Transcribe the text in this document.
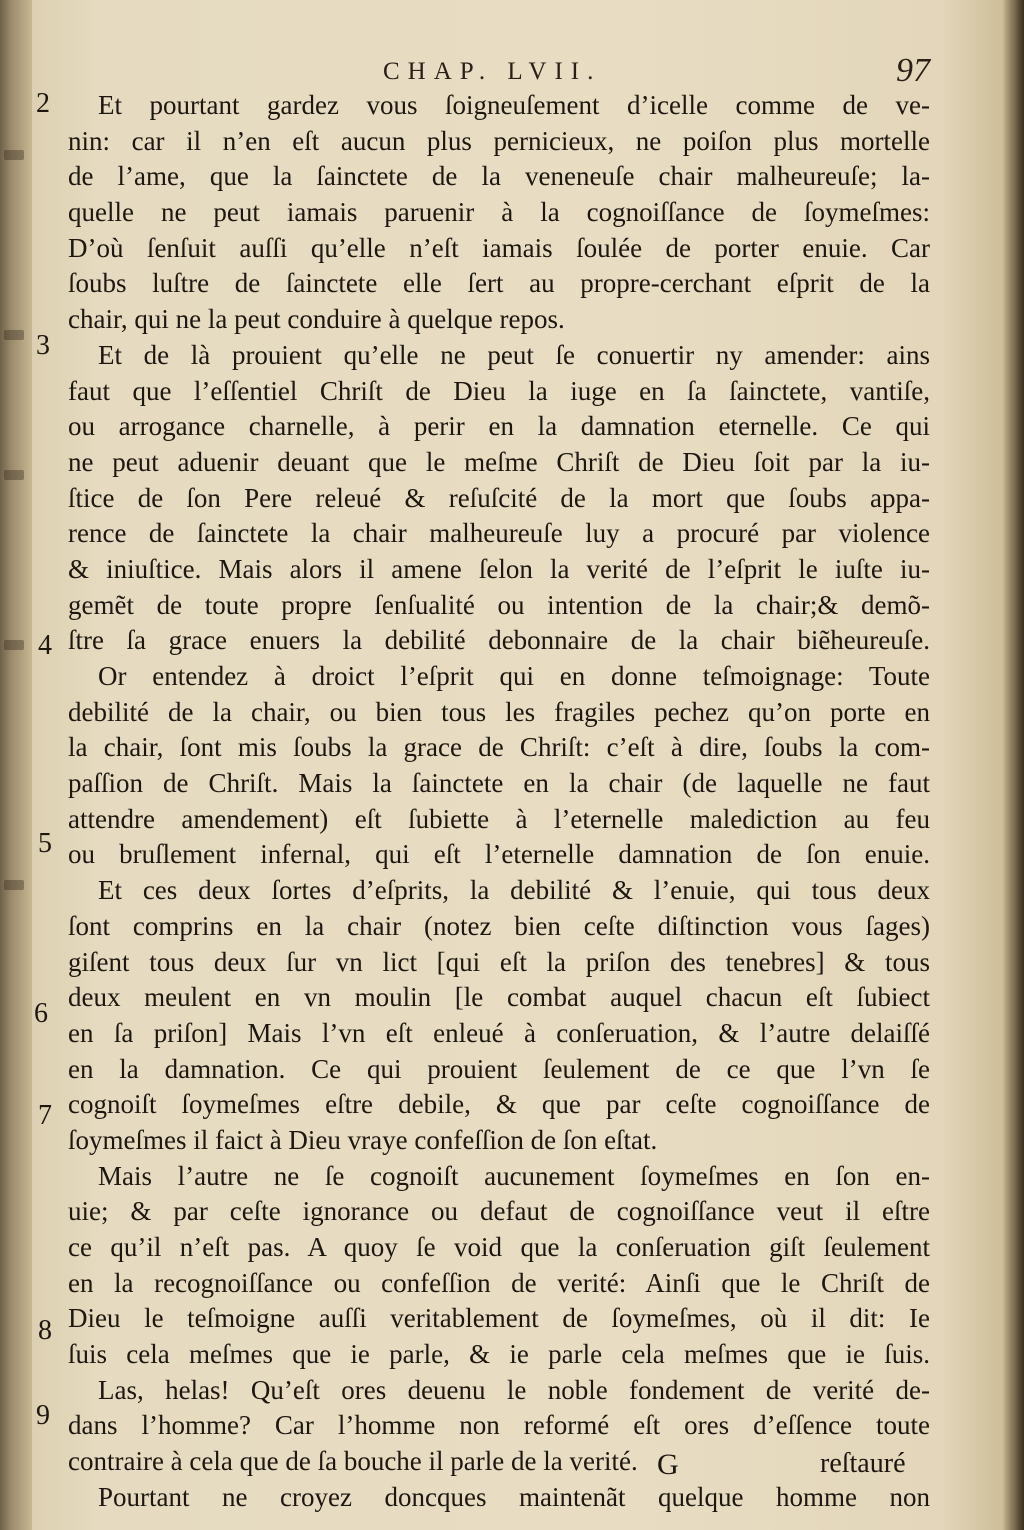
CHAP. LVII.	97
2
3
4
5
6
7
8
9
Et pourtant gardez vous ſoigneuſement d’icelle comme de ve-
nin: car il n’en eſt aucun plus pernicieux, ne poiſon plus mortelle
de l’ame, que la ſainctete de la veneneuſe chair malheureuſe; la-
quelle ne peut iamais paruenir à la cognoiſſance de ſoymeſmes:
D’où ſenſuit auſſi qu’elle n’eſt iamais ſoulée de porter enuie. Car
ſoubs luſtre de ſainctete elle ſert au propre-cerchant eſprit de la
chair, qui ne la peut conduire à quelque repos.
Et de là prouient qu’elle ne peut ſe conuertir ny amender: ains
faut que l’eſſentiel Chriſt de Dieu la iuge en ſa ſainctete, vantiſe,
ou arrogance charnelle, à perir en la damnation eternelle. Ce qui
ne peut aduenir deuant que le meſme Chriſt de Dieu ſoit par la iu-
ſtice de ſon Pere releué & reſuſcité de la mort que ſoubs appa-
rence de ſainctete la chair malheureuſe luy a procuré par violence
& iniuſtice. Mais alors il amene ſelon la verité de l’eſprit le iuſte iu-
gemẽt de toute propre ſenſualité ou intention de la chair;& demõ-
ſtre ſa grace enuers la debilité debonnaire de la chair biẽheureuſe.
Or entendez à droict l’eſprit qui en donne teſmoignage: Toute
debilité de la chair, ou bien tous les fragiles pechez qu’on porte en
la chair, ſont mis ſoubs la grace de Chriſt: c’eſt à dire, ſoubs la com-
paſſion de Chriſt. Mais la ſainctete en la chair (de laquelle ne faut
attendre amendement) eſt ſubiette à l’eternelle malediction au feu
ou bruſlement infernal, qui eſt l’eternelle damnation de ſon enuie.
Et ces deux ſortes d’eſprits, la debilité & l’enuie, qui tous deux
ſont comprins en la chair (notez bien ceſte diſtinction vous ſages)
giſent tous deux ſur vn lict [qui eſt la priſon des tenebres] & tous
deux meulent en vn moulin [le combat auquel chacun eſt ſubiect
en ſa priſon] Mais l’vn eſt enleué à conſeruation, & l’autre delaiſſé
en la damnation. Ce qui prouient ſeulement de ce que l’vn ſe
cognoiſt ſoymeſmes eſtre debile, & que par ceſte cognoiſſance de
ſoymeſmes il faict à Dieu vraye confeſſion de ſon eſtat.
Mais l’autre ne ſe cognoiſt aucunement ſoymeſmes en ſon en-
uie; & par ceſte ignorance ou defaut de cognoiſſance veut il eſtre
ce qu’il n’eſt pas. A quoy ſe void que la conſeruation giſt ſeulement
en la recognoiſſance ou confeſſion de verité: Ainſi que le Chriſt de
Dieu le teſmoigne auſſi veritablement de ſoymeſmes, où il dit: Ie
ſuis cela meſmes que ie parle, & ie parle cela meſmes que ie ſuis.
Las, helas! Qu’eſt ores deuenu le noble fondement de verité de-
dans l’homme? Car l’homme non reformé eſt ores d’eſſence toute
contraire à cela que de ſa bouche il parle de la verité.
Pourtant ne croyez doncques maintenãt quelque homme non
G	reſtauré
